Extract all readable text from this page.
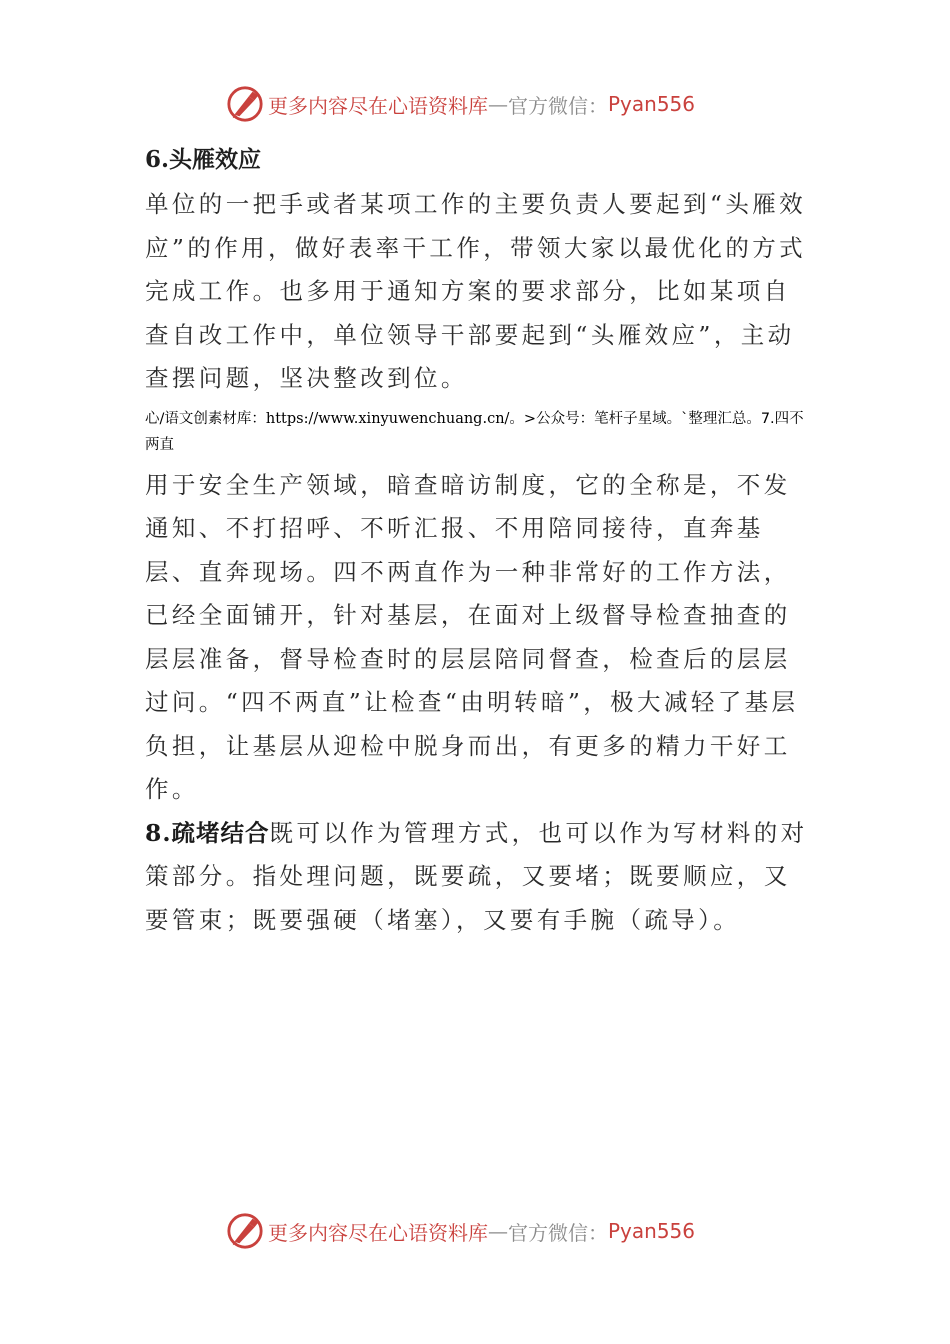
更多内容尽在心语资料库 — 官方微信： Pyan556
6.头雁效应

单位的一把手或者某项工作的主要负责人要起到“头雁效应”的作用，做好表率干工作，带领大家以最优化的方式完成工作。也多用于通知方案的要求部分，比如某项自查自改工作中，单位领导干部要起到“头雁效应”，主动查摆问题，坚决整改到位。

心/语文创素材库：https://www.xinyuwenchuang.cn/。>公众号：笔杆子星域。`整理汇总。7.四不两直

用于安全生产领域，暗查暗访制度，它的全称是，不发通知、不打招呼、不听汇报、不用陪同接待，直奔基层、直奔现场。四不两直作为一种非常好的工作方法，已经全面铺开，针对基层，在面对上级督导检查抽查的层层准备，督导检查时的层层陪同督查，检查后的层层过问。“四不两直”让检查“由明转暗”，极大减轻了基层负担，让基层从迎检中脱身而出，有更多的精力干好工作。

8.疏堵结合既可以作为管理方式，也可以作为写材料的对策部分。指处理问题，既要疏，又要堵；既要顺应，又要管束；既要强硬（堵塞），又要有手腕（疏导）。

更多内容尽在心语资料库 — 官方微信： Pyan556
